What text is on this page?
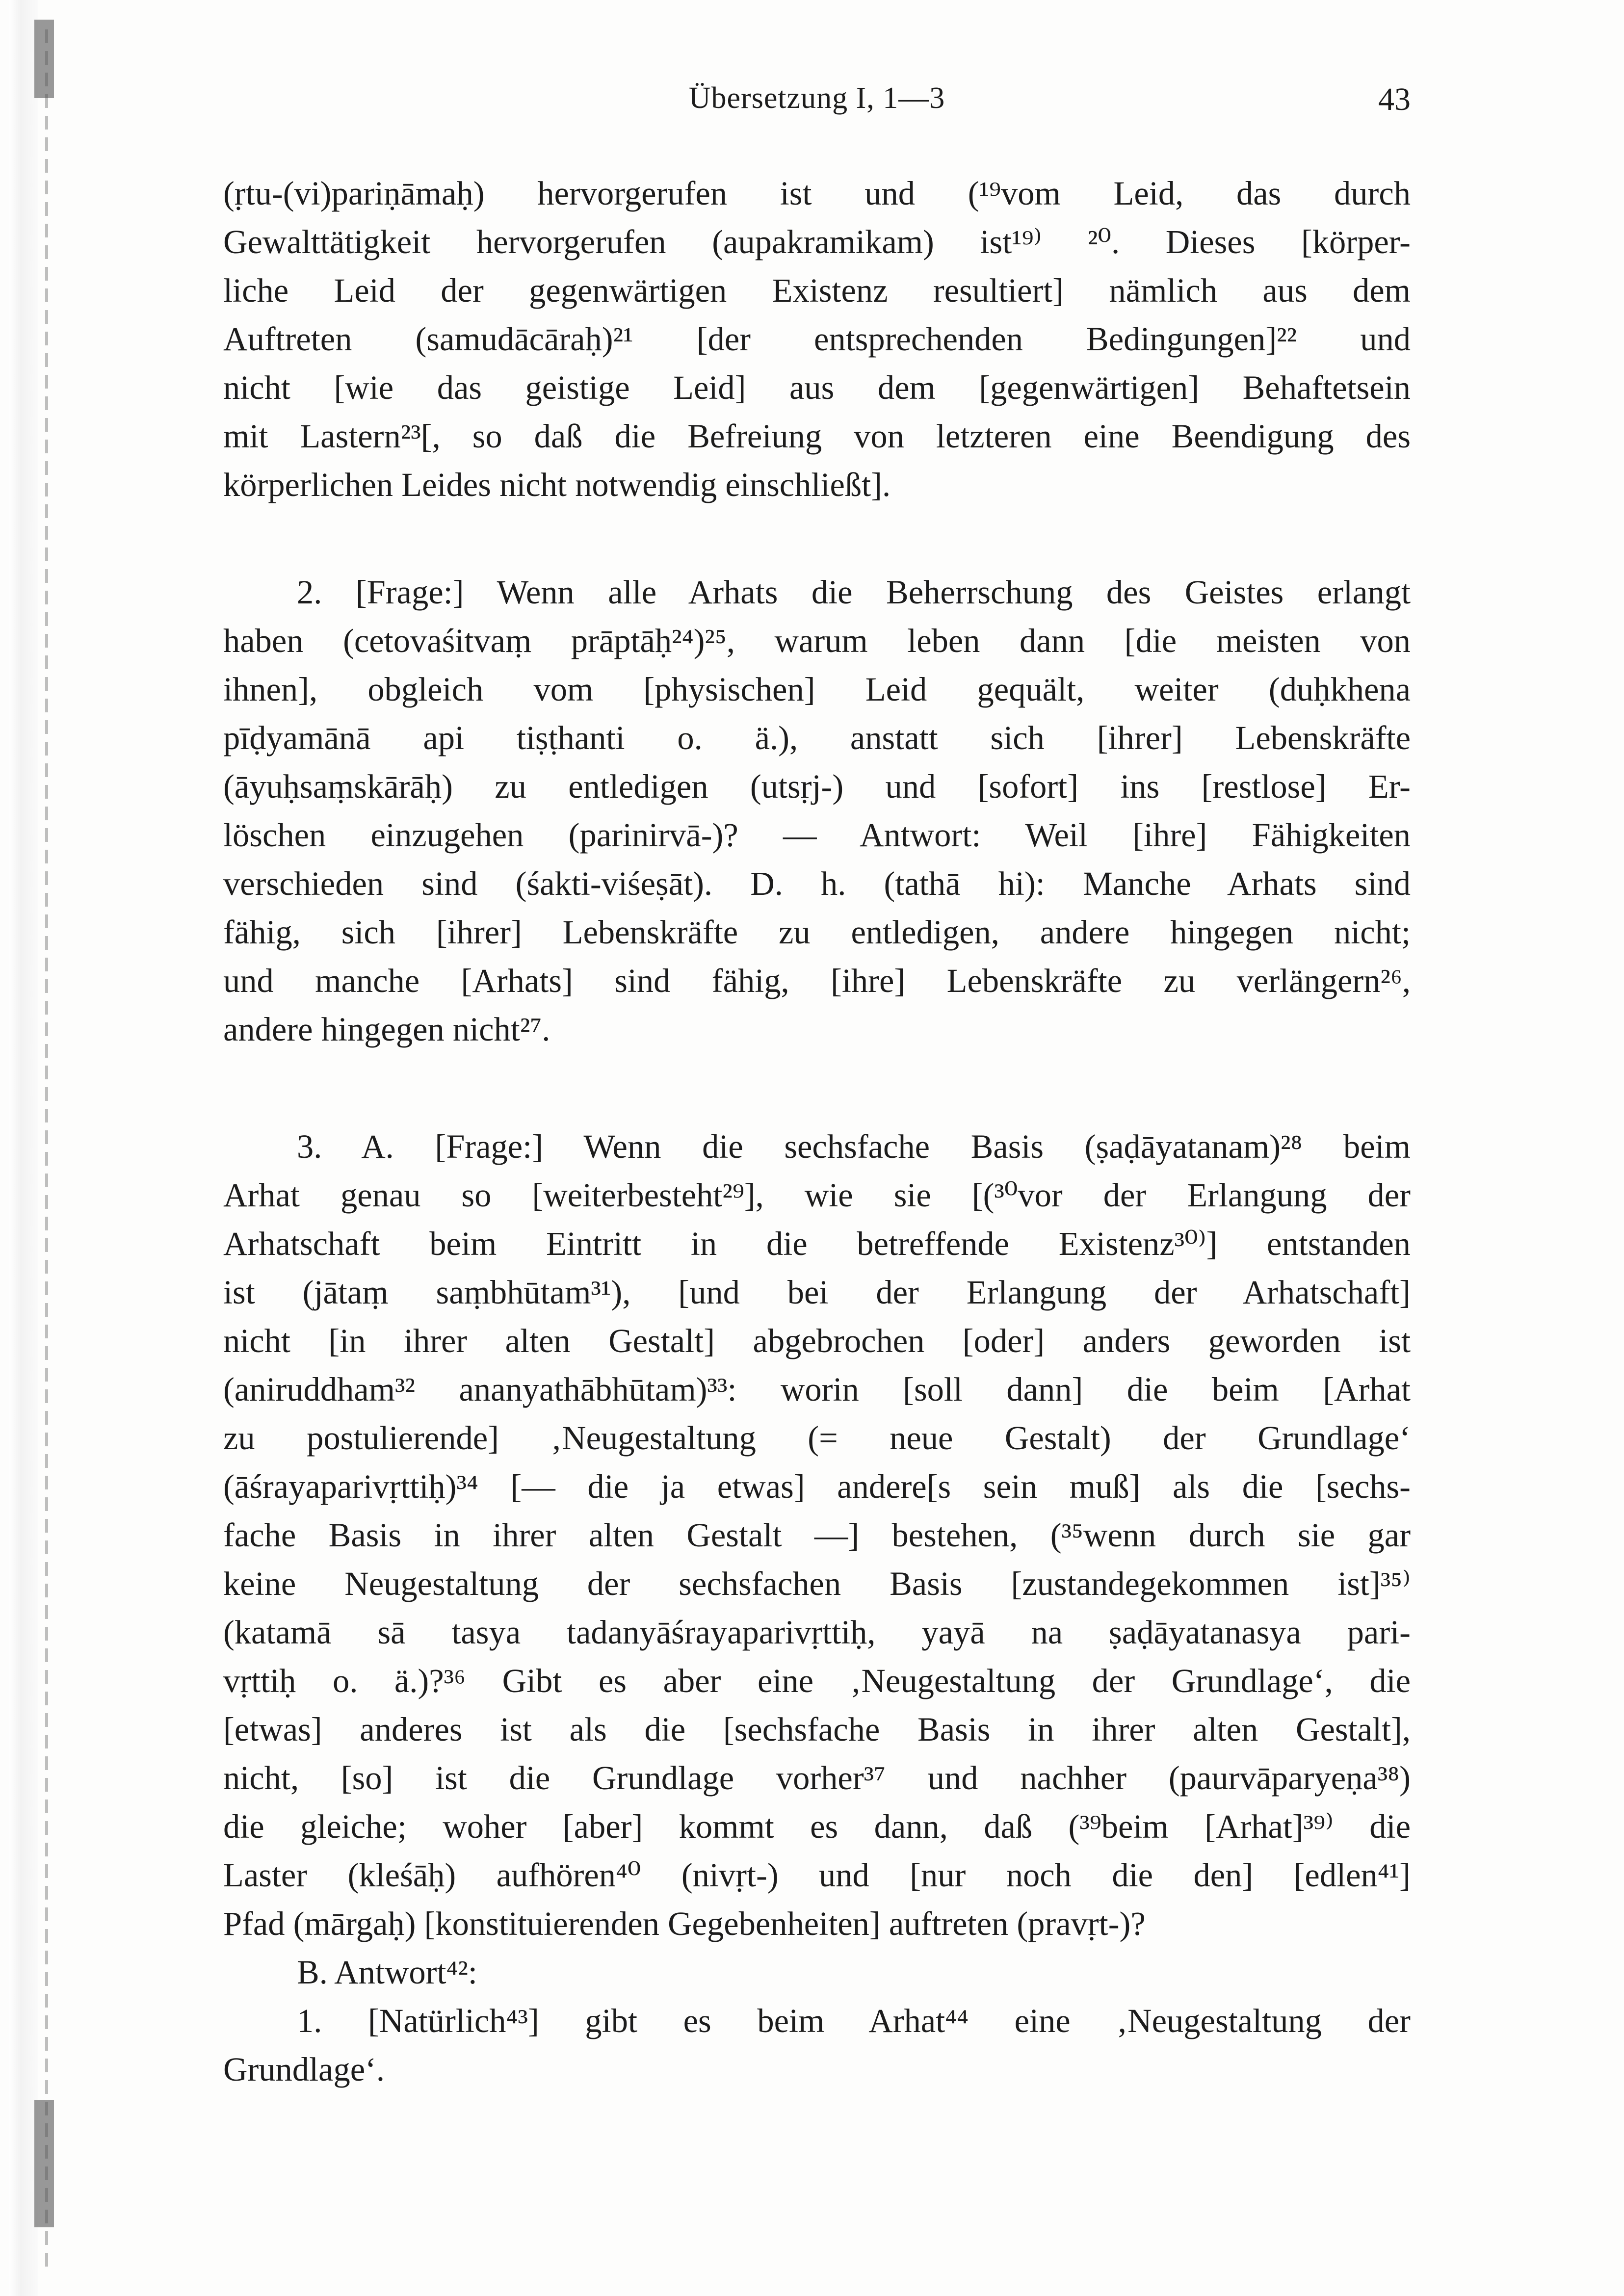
Übersetzung I, 1—3	43
(ṛtu-(vi)pariṇāmaḥ) hervorgerufen ist und (¹⁹vom Leid, das durch
Gewalttätigkeit hervorgerufen (aupakramikam) ist¹⁹⁾ ²⁰. Dieses [körper-
liche Leid der gegenwärtigen Existenz resultiert] nämlich aus dem
Auftreten (samudācāraḥ)²¹ [der entsprechenden Bedingungen]²² und
nicht [wie das geistige Leid] aus dem [gegenwärtigen] Behaftetsein
mit Lastern²³[, so daß die Befreiung von letzteren eine Beendigung des
körperlichen Leides nicht notwendig einschließt].
2. [Frage:] Wenn alle Arhats die Beherrschung des Geistes erlangt
haben (cetovaśitvaṃ prāptāḥ²⁴)²⁵, warum leben dann [die meisten von
ihnen], obgleich vom [physischen] Leid gequält, weiter (duḥkhena
pīḍyamānā api tiṣṭhanti o. ä.), anstatt sich [ihrer] Lebenskräfte
(āyuḥsaṃskārāḥ) zu entledigen (utsṛj-) und [sofort] ins [restlose] Er-
löschen einzugehen (parinirvā-)? — Antwort: Weil [ihre] Fähigkeiten
verschieden sind (śakti-viśeṣāt). D. h. (tathā hi): Manche Arhats sind
fähig, sich [ihrer] Lebenskräfte zu entledigen, andere hingegen nicht;
und manche [Arhats] sind fähig, [ihre] Lebenskräfte zu verlängern²⁶,
andere hingegen nicht²⁷.
3. A. [Frage:] Wenn die sechsfache Basis (ṣaḍāyatanam)²⁸ beim
Arhat genau so [weiterbesteht²⁹], wie sie [(³⁰vor der Erlangung der
Arhatschaft beim Eintritt in die betreffende Existenz³⁰⁾] entstanden
ist (jātaṃ saṃbhūtam³¹), [und bei der Erlangung der Arhatschaft]
nicht [in ihrer alten Gestalt] abgebrochen [oder] anders geworden ist
(aniruddham³² ananyathābhūtam)³³: worin [soll dann] die beim [Arhat
zu postulierende] ‚Neugestaltung (= neue Gestalt) der Grundlage‘
(āśrayaparivṛttiḥ)³⁴ [— die ja etwas] andere[s sein muß] als die [sechs-
fache Basis in ihrer alten Gestalt —] bestehen, (³⁵wenn durch sie gar
keine Neugestaltung der sechsfachen Basis [zustandegekommen ist]³⁵⁾
(katamā sā tasya tadanyāśrayaparivṛttiḥ, yayā na ṣaḍāyatanasya pari-
vṛttiḥ o. ä.)?³⁶ Gibt es aber eine ‚Neugestaltung der Grundlage‘, die
[etwas] anderes ist als die [sechsfache Basis in ihrer alten Gestalt],
nicht, [so] ist die Grundlage vorher³⁷ und nachher (paurvāparyeṇa³⁸)
die gleiche; woher [aber] kommt es dann, daß (³⁹beim [Arhat]³⁹⁾ die
Laster (kleśāḥ) aufhören⁴⁰ (nivṛt-) und [nur noch die den] [edlen⁴¹]
Pfad (mārgaḥ) [konstituierenden Gegebenheiten] auftreten (pravṛt-)?
B. Antwort⁴²:
1. [Natürlich⁴³] gibt es beim Arhat⁴⁴ eine ‚Neugestaltung der
Grundlage‘.
